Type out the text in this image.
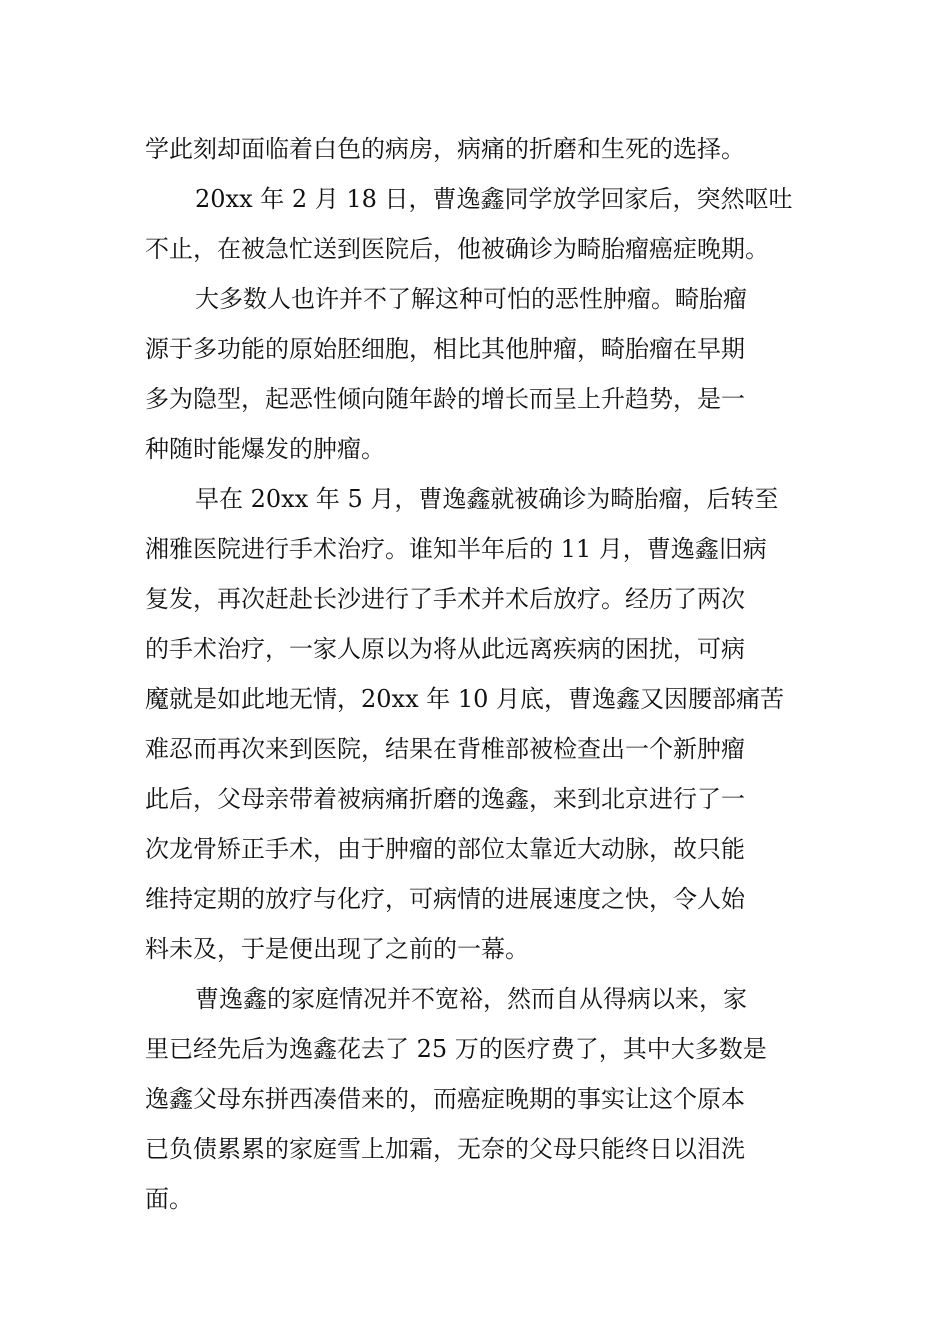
学此刻却面临着白色的病房，病痛的折磨和生死的选择。
20xx 年 2 月 18 日，曹逸鑫同学放学回家后，突然呕吐
不止，在被急忙送到医院后，他被确诊为畸胎瘤癌症晚期。
大多数人也许并不了解这种可怕的恶性肿瘤。畸胎瘤
源于多功能的原始胚细胞，相比其他肿瘤，畸胎瘤在早期
多为隐型，起恶性倾向随年龄的增长而呈上升趋势，是一
种随时能爆发的肿瘤。
早在 20xx 年 5 月，曹逸鑫就被确诊为畸胎瘤，后转至
湘雅医院进行手术治疗。谁知半年后的 11 月，曹逸鑫旧病
复发，再次赶赴长沙进行了手术并术后放疗。经历了两次
的手术治疗，一家人原以为将从此远离疾病的困扰，可病
魔就是如此地无情，20xx 年 10 月底，曹逸鑫又因腰部痛苦
难忍而再次来到医院，结果在背椎部被检查出一个新肿瘤
此后，父母亲带着被病痛折磨的逸鑫，来到北京进行了一
次龙骨矫正手术，由于肿瘤的部位太靠近大动脉，故只能
维持定期的放疗与化疗，可病情的进展速度之快，令人始
料未及，于是便出现了之前的一幕。
曹逸鑫的家庭情况并不宽裕，然而自从得病以来，家
里已经先后为逸鑫花去了 25 万的医疗费了，其中大多数是
逸鑫父母东拼西凑借来的，而癌症晚期的事实让这个原本
已负债累累的家庭雪上加霜，无奈的父母只能终日以泪洗
面。
